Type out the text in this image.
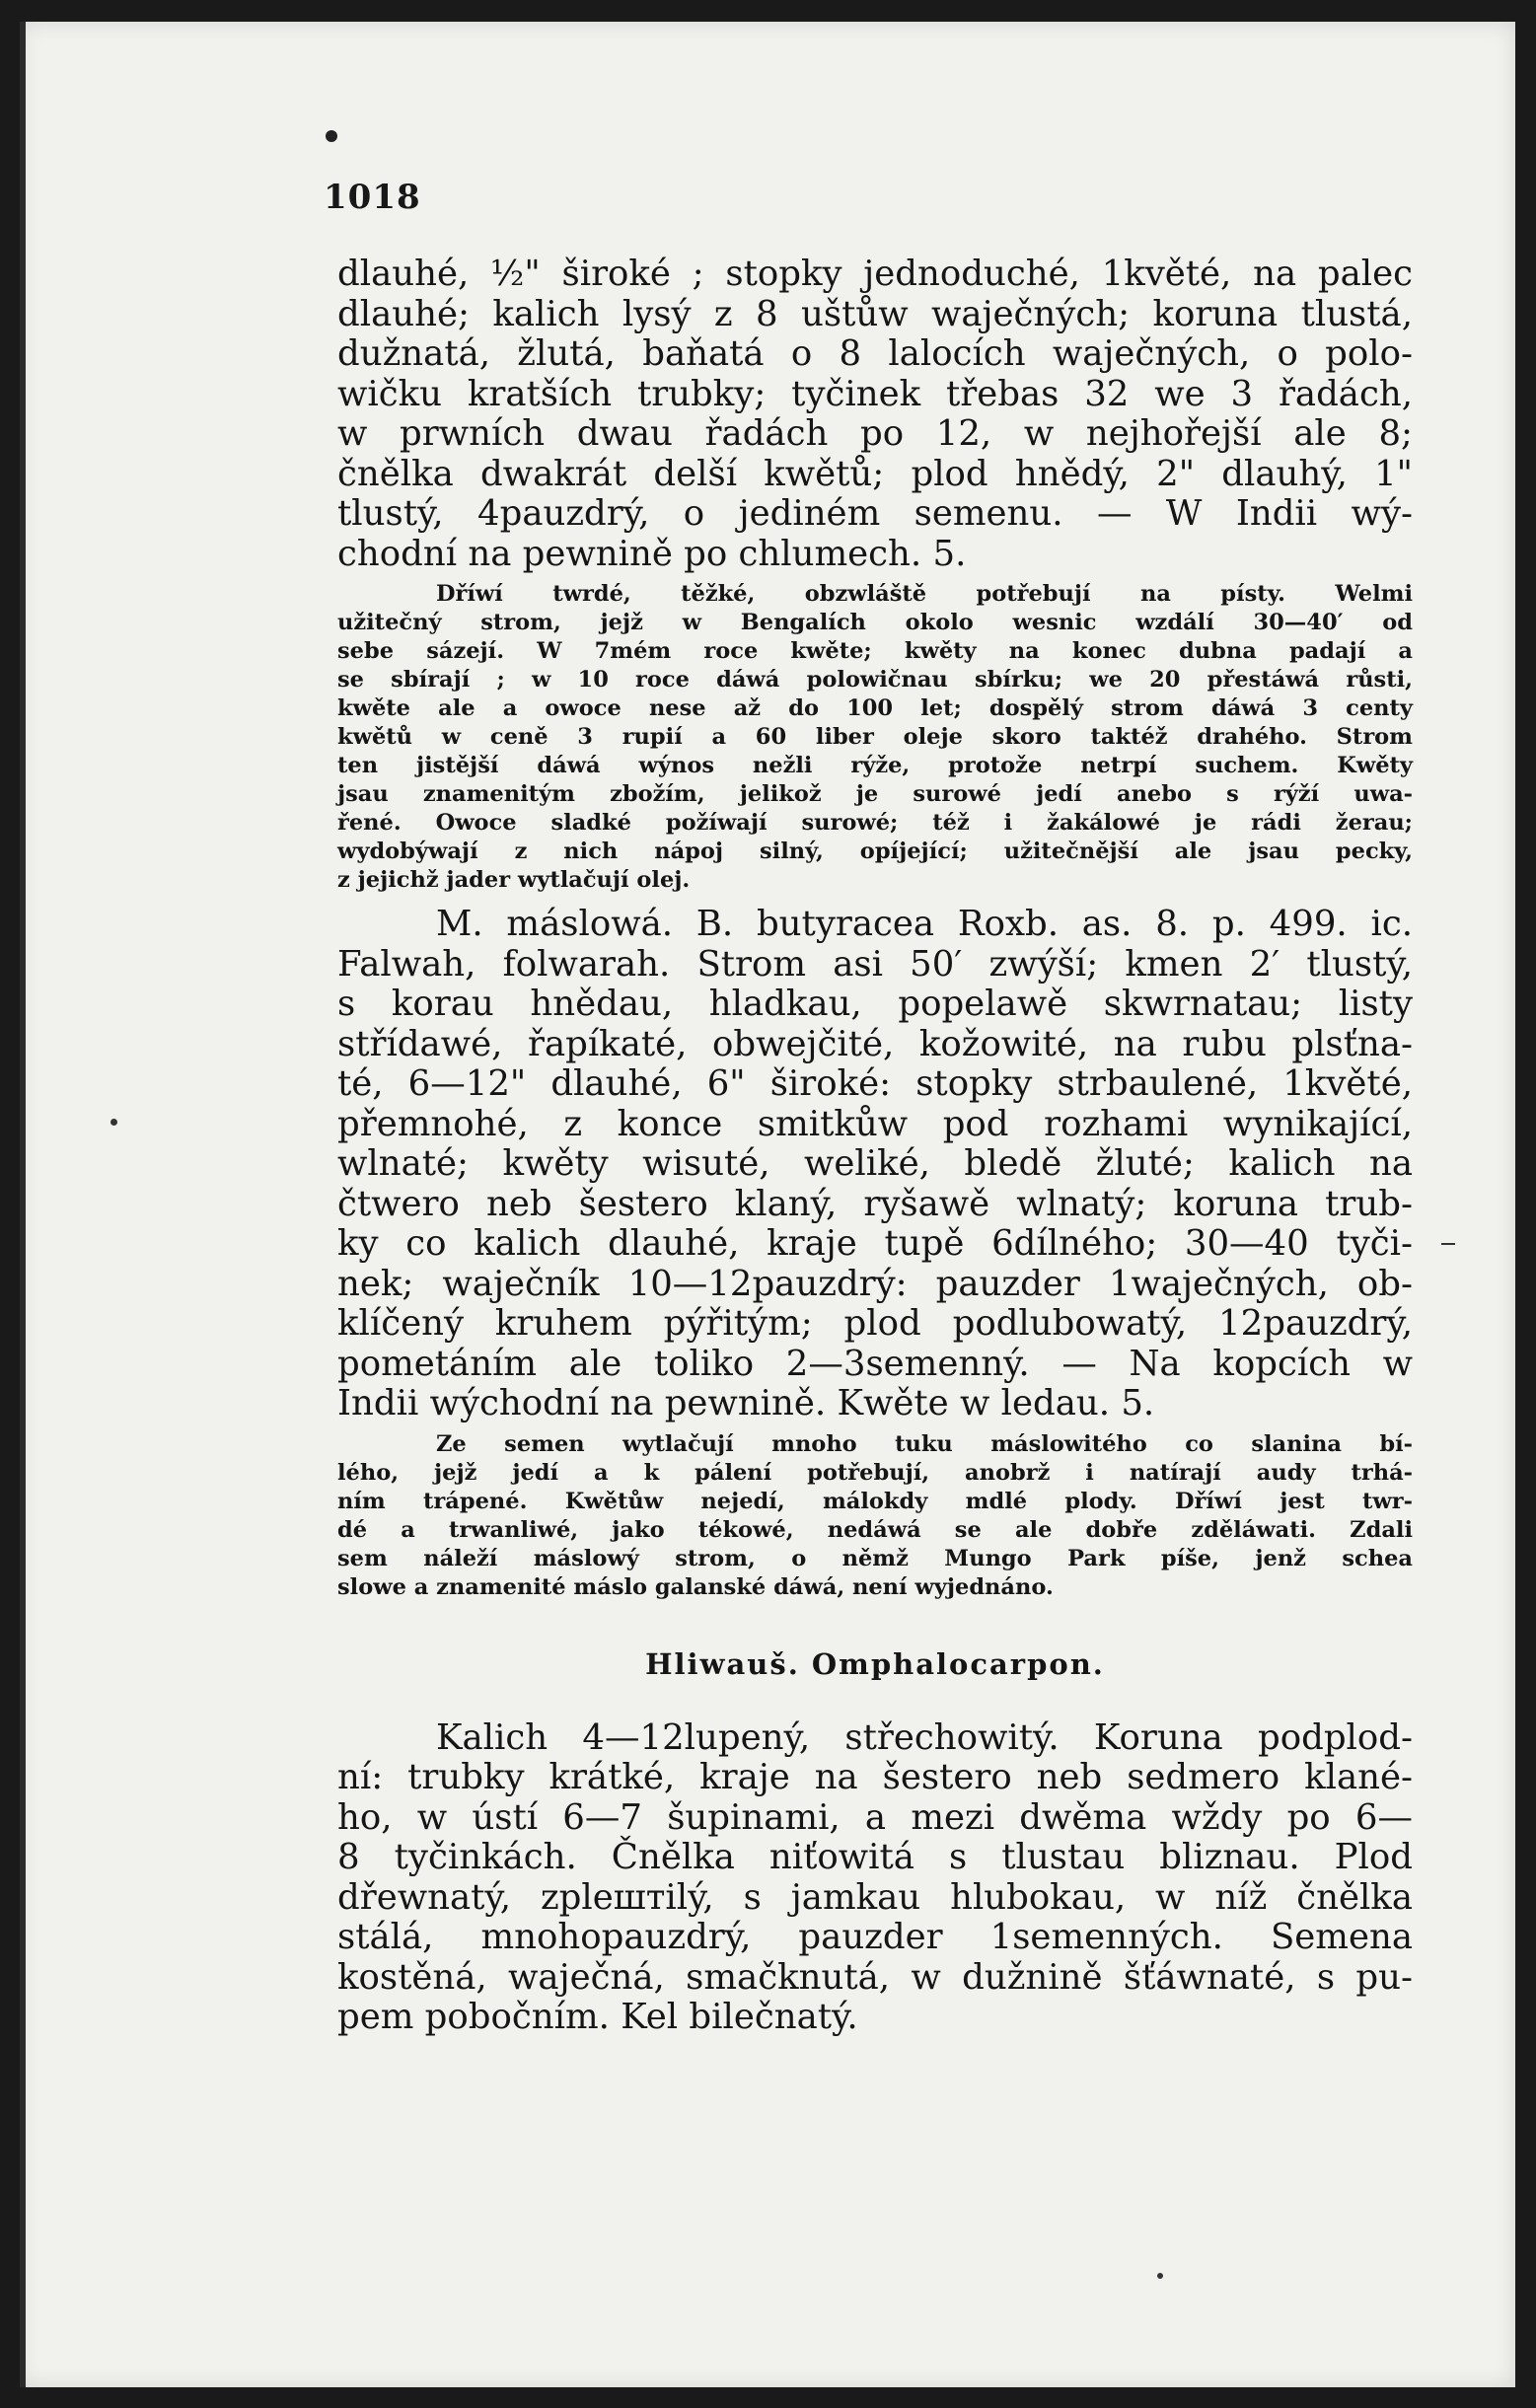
1018
dlauhé, ½" široké ; stopky jednoduché, 1květé, na palec
dlauhé; kalich lysý z 8 uštůw waječných; koruna tlustá,
dužnatá, žlutá, baňatá o 8 lalocích waječných, o polo-
wičku kratších trubky; tyčinek třebas 32 we 3 řadách,
w prwních dwau řadách po 12, w nejhořejší ale 8;
čnělka dwakrát delší kwětů; plod hnědý, 2" dlauhý, 1"
tlustý, 4pauzdrý, o jediném semenu. — W Indii wý-
chodní na pewnině po chlumech. 5.
Dříwí twrdé, těžké, obzwláště potřebují na písty. Welmi
užitečný strom, jejž w Bengalích okolo wesnic wzdálí 30—40′ od
sebe sázejí. W 7mém roce kwěte; kwěty na konec dubna padají a
se sbírají ; w 10 roce dáwá polowičnau sbírku; we 20 přestáwá růsti,
kwěte ale a owoce nese až do 100 let; dospělý strom dáwá 3 centy
kwětů w ceně 3 rupií a 60 liber oleje skoro taktéž drahého. Strom
ten jistější dáwá wýnos nežli rýže, protože netrpí suchem. Kwěty
jsau znamenitým zbožím, jelikož je surowé jedí anebo s rýží uwa-
řené. Owoce sladké požíwají surowé; též i žakálowé je rádi žerau;
wydobýwají z nich nápoj silný, opíjející; užitečnější ale jsau pecky,
z jejichž jader wytlačují olej.
M. máslowá. B. butyracea Roxb. as. 8. p. 499. ic.
Falwah, folwarah. Strom asi 50′ zwýší; kmen 2′ tlustý,
s korau hnědau, hladkau, popelawě skwrnatau; listy
střídawé, řapíkaté, obwejčité, kožowité, na rubu plsťna-
té, 6—12" dlauhé, 6" široké: stopky strbaulené, 1květé,
přemnohé, z konce smitkůw pod rozhami wynikající,
wlnaté; kwěty wisuté, weliké, bledě žluté; kalich na
čtwero neb šestero klaný, ryšawě wlnatý; koruna trub-
ky co kalich dlauhé, kraje tupě 6dílného; 30—40 tyči-
nek; waječník 10—12pauzdrý: pauzder 1waječných, ob-
klíčený kruhem pýřitým; plod podlubowatý, 12pauzdrý,
pometáním ale toliko 2—3semenný. — Na kopcích w
Indii wýchodní na pewnině. Kwěte w ledau. 5.
Ze semen wytlačují mnoho tuku máslowitého co slanina bí-
lého, jejž jedí a k pálení potřebují, anobrž i natírají audy trhá-
ním trápené. Kwětůw nejedí, málokdy mdlé plody. Dříwí jest twr-
dé a trwanliwé, jako tékowé, nedáwá se ale dobře zděláwati. Zdali
sem náleží máslowý strom, o němž Mungo Park píše, jenž schea
slowe a znamenité máslo galanské dáwá, není wyjednáno.
Hliwauš. Omphalocarpon.
Kalich 4—12lupený, střechowitý. Koruna podplod-
ní: trubky krátké, kraje na šestero neb sedmero klané-
ho, w ústí 6—7 šupinami, a mezi dwěma wždy po 6—
8 tyčinkách. Čnělka niťowitá s tlustau bliznau. Plod
dřewnatý, zplештilý, s jamkau hlubokau, w níž čnělka
stálá, mnohopauzdrý, pauzder 1semenných. Semena
kostěná, waječná, smačknutá, w dužnině šťáwnaté, s pu-
pem pobočním. Kel bilečnatý.
